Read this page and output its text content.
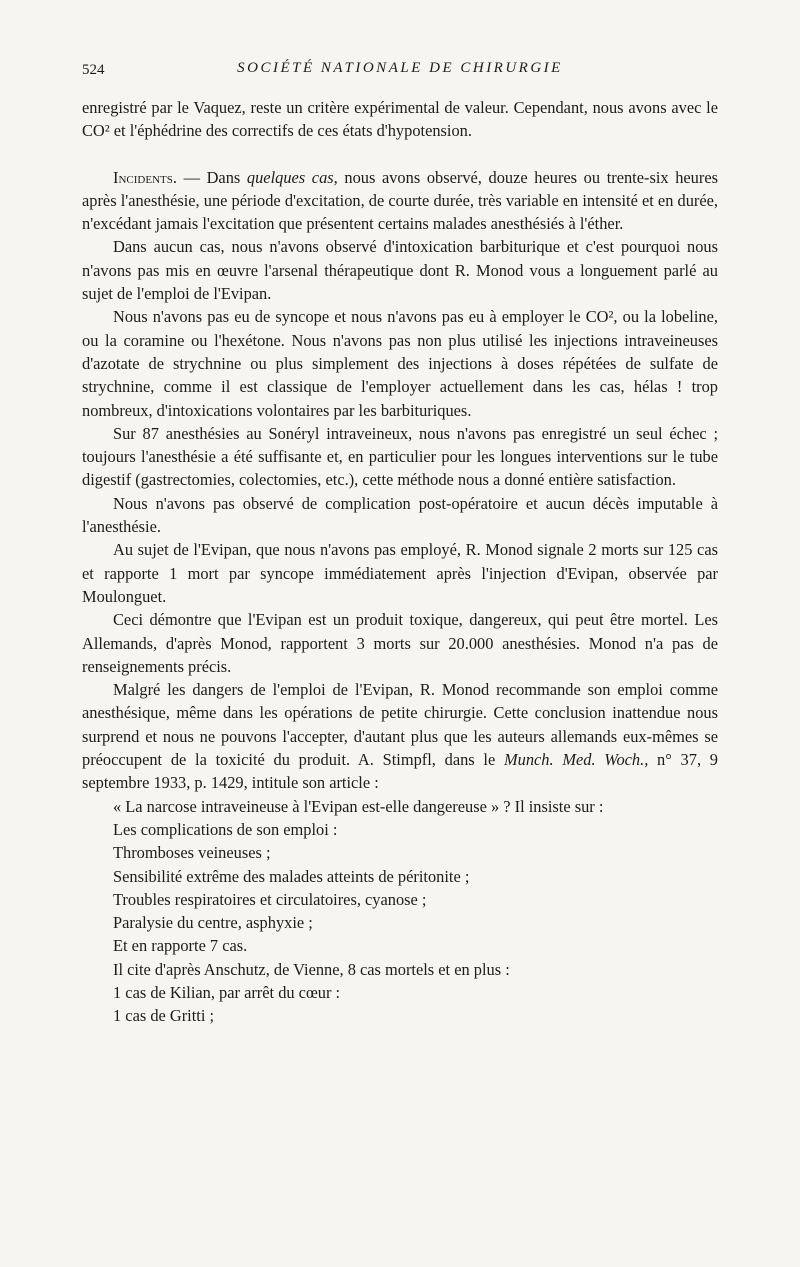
524	SOCIÉTÉ NATIONALE DE CHIRURGIE

enregistré par le Vaquez, reste un critère expérimental de valeur. Cependant, nous avons avec le CO² et l'éphédrine des correctifs de ces états d'hypotension.

Incidents. — Dans quelques cas, nous avons observé, douze heures ou trente-six heures après l'anesthésie, une période d'excitation, de courte durée, très variable en intensité et en durée, n'excédant jamais l'excitation que présentent certains malades anesthésiés à l'éther.

Dans aucun cas, nous n'avons observé d'intoxication barbiturique et c'est pourquoi nous n'avons pas mis en œuvre l'arsenal thérapeutique dont R. Monod vous a longuement parlé au sujet de l'emploi de l'Evipan.

Nous n'avons pas eu de syncope et nous n'avons pas eu à employer le CO², ou la lobeline, ou la coramine ou l'hexétone. Nous n'avons pas non plus utilisé les injections intraveineuses d'azotate de strychnine ou plus simplement des injections à doses répétées de sulfate de strychnine, comme il est classique de l'employer actuellement dans les cas, hélas ! trop nombreux, d'intoxications volontaires par les barbituriques.

Sur 87 anesthésies au Sonéryl intraveineux, nous n'avons pas enregistré un seul échec ; toujours l'anesthésie a été suffisante et, en particulier pour les longues interventions sur le tube digestif (gastrectomies, colectomies, etc.), cette méthode nous a donné entière satisfaction.

Nous n'avons pas observé de complication post-opératoire et aucun décès imputable à l'anesthésie.

Au sujet de l'Evipan, que nous n'avons pas employé, R. Monod signale 2 morts sur 125 cas et rapporte 1 mort par syncope immédiatement après l'injection d'Evipan, observée par Moulonguet.

Ceci démontre que l'Evipan est un produit toxique, dangereux, qui peut être mortel. Les Allemands, d'après Monod, rapportent 3 morts sur 20.000 anesthésies. Monod n'a pas de renseignements précis.

Malgré les dangers de l'emploi de l'Evipan, R. Monod recommande son emploi comme anesthésique, même dans les opérations de petite chirurgie. Cette conclusion inattendue nous surprend et nous ne pouvons l'accepter, d'autant plus que les auteurs allemands eux-mêmes se préoccupent de la toxicité du produit. A. Stimpfl, dans le Munch. Med. Woch., n° 37, 9 septembre 1933, p. 1429, intitule son article :

« La narcose intraveineuse à l'Evipan est-elle dangereuse » ? Il insiste sur :

Les complications de son emploi :
Thromboses veineuses ;
Sensibilité extrême des malades atteints de péritonite ;
Troubles respiratoires et circulatoires, cyanose ;
Paralysie du centre, asphyxie ;
Et en rapporte 7 cas.

Il cite d'après Anschutz, de Vienne, 8 cas mortels et en plus :

1 cas de Kilian, par arrêt du cœur :
1 cas de Gritti ;
